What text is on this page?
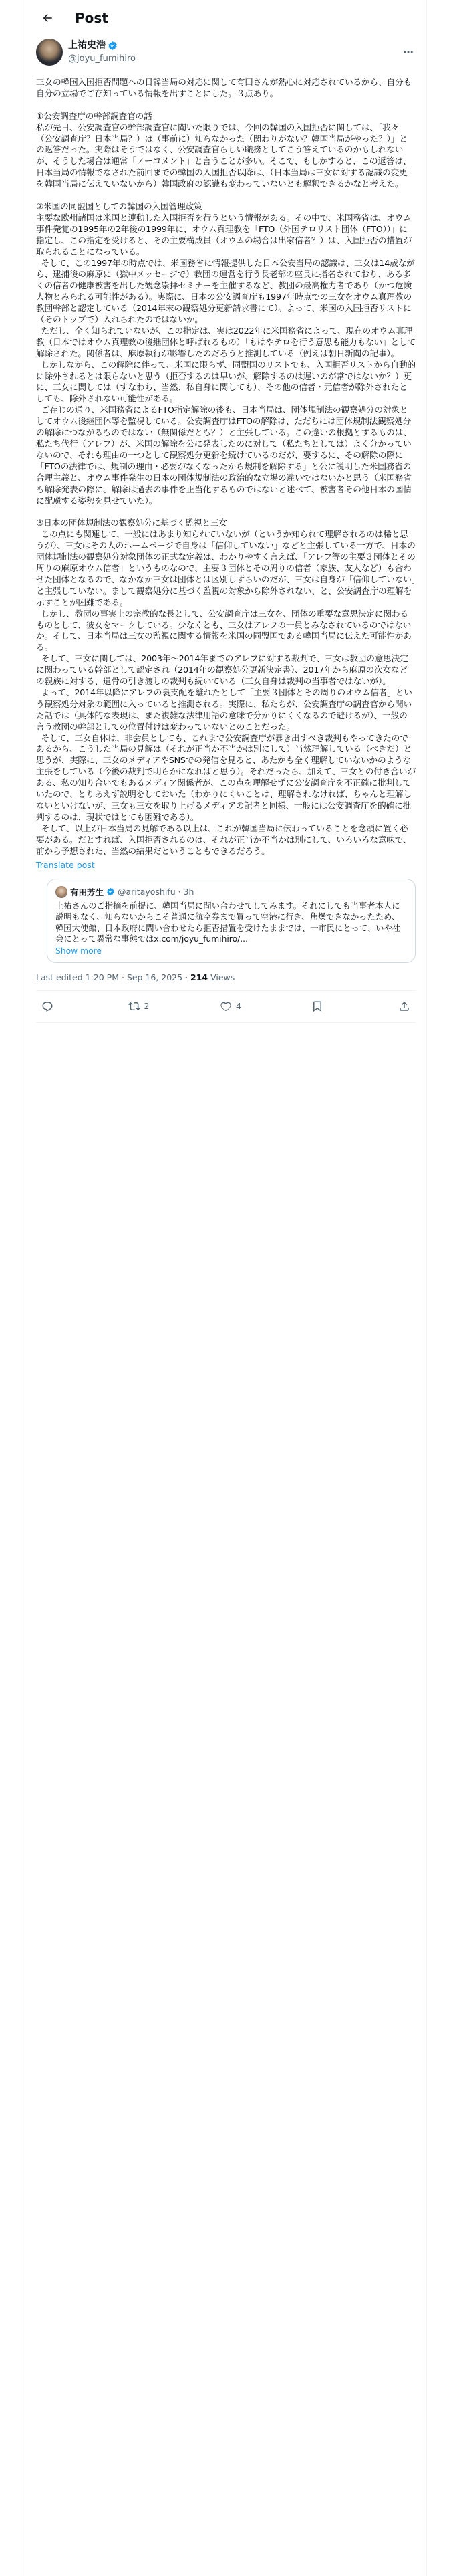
Post
上祐史浩
@joyu_fumihiro
三女の韓国入国拒否問題への日韓当局の対応に関して有田さんが熱心に対応されているから、自分も自分の立場でご存知っている情報を出すことにした。３点あり。

①公安調査庁の幹部調査官の話
私が先日、公安調査官の幹部調査官に聞いた限りでは、今回の韓国の入国拒否に関しては、「我々（公安調査庁？日本当局？）は（事前に）知らなかった（関わりがない？韓国当局がやった？）」との返答だった。実際はそうではなく、公安調査官らしい職務としてこう答えているのかもしれないが、そうした場合は通常「ノーコメント」と言うことが多い。そこで、もしかすると、この返答は、日本当局の情報でなされた前回までの韓国の入国拒否以降は、（日本当局は三女に対する認識の変更を韓国当局に伝えていないから）韓国政府の認識も変わっていないとも解釈できるかなと考えた。

②米国の同盟国としての韓国の入国管理政策
主要な欧州諸国は米国と連動した入国拒否を行うという情報がある。その中で、米国務省は、オウム事件発覚の1995年の2年後の1999年に、オウム真理教を「FTO（外国テロリスト団体（FTO））」に指定し、この指定を受けると、その主要構成員（オウムの場合は出家信者？）は、入国拒否の措置が取られることになっている。
そして、この1997年の時点では、米国務省に情報提供した日本公安当局の認識は、三女は14歳ながら、逮捕後の麻原に（獄中メッセージで）教団の運営を行う長老部の座長に指名されており、ある多くの信者の健康被害を出した観念崇拝セミナーを主催するなど、教団の最高権力者であり（かつ危険人物とみられる可能性がある）。実際に、日本の公安調査庁も1997年時点での三女をオウム真理教の教団幹部と認定している（2014年末の観察処分更新請求書にて）。よって、米国の入国拒否リストに（そのトップで）入れられたのではないか。
ただし、全く知られていないが、この指定は、実は2022年に米国務省によって、現在のオウム真理教（日本ではオウム真理教の後継団体と呼ばれるもの）「もはやテロを行う意思も能力もない」として解除された。関係者は、麻原執行が影響したのだろうと推測している（例えば朝日新聞の記事）。
しかしながら、この解除に伴って、米国に限らず、同盟国のリストでも、入国拒否リストから自動的に除外されるとは限らないと思う（拒否するのは早いが、解除するのは遅いのが常ではないか？）更に、三女に関しては（すなわち、当然、私自身に関しても）、その他の信者・元信者が除外されたとしても、除外されない可能性がある。
ご存じの通り、米国務省によるFTO指定解除の後も、日本当局は、団体規制法の観察処分の対象としてオウム後継団体等を監視している。公安調査庁はFTOの解除は、ただちには団体規制法観察処分の解除につながるものではない（無関係だとも？）と主張している。この違いの根拠とするものは、私たち代行（アレフ）が、米国の解除を公に発表したのに対して（私たちとしては）よく分かっていないので、それも理由の一つとして観察処分更新を続けているのだが、要するに、その解除の際に「FTOの法律では、規制の理由・必要がなくなったから規制を解除する」と公に説明した米国務省の合理主義と、オウム事件発生の日本の団体規制法の政治的な立場の違いではないかと思う（米国務省も解除発表の際に、解除は過去の事件を正当化するものではないと述べて、被害者その他日本の国情に配慮する姿勢を見せていた）。

③日本の団体規制法の観察処分に基づく監視と三女
この点にも関連して、一般にはあまり知られていないが（というか知られて理解されるのは稀と思うが）、三女はその人のホームページで自身は「信仰していない」などと主張している一方で、日本の団体規制法の観察処分対象団体の正式な定義は、わかりやすく言えば、「アレフ等の主要３団体とその周りの麻原オウム信者」というものなので、主要３団体とその周りの信者（家族、友人など）も合わせた団体となるので、なかなか三女は団体とは区別しずらいのだが、三女は自身が「信仰していない」と主張していない。まして観察処分に基づく監視の対象から除外されない、と、公安調査庁の理解を示すことが困難である。
しかし、教団の事実上の宗教的な長として、公安調査庁は三女を、団体の重要な意思決定に関わるものとして、彼女をマークしている。少なくとも、三女はアレフの一員とみなされているのではないか。そして、日本当局は三女の監視に関する情報を米国の同盟国である韓国当局に伝えた可能性がある。
そして、三女に関しては、2003年〜2014年までのアレフに対する裁判で、三女は教団の意思決定に関わっている幹部として認定され（2014年の観察処分更新決定書）、2017年から麻原の次女などの親族に対する、遺骨の引き渡しの裁判も続いている（三女自身は裁判の当事者ではないが）。
よって、2014年以降にアレフの裏支配を離れたとして「主要３団体とその周りのオウム信者」という観察処分対象の範囲に入っていると推測される。実際に、私たちが、公安調査庁の調査官から聞いた話では（具体的な表現は、また複雑な法律用語の意味で分かりにくくなるので避けるが）、一般の言う教団の幹部としての位置付けは変わっていないとのことだった。
そして、三女自体は、非会員としても、これまで公安調査庁が暴き出すべき裁判もやってきたのであるから、こうした当局の見解は（それが正当か不当かは別にして）当然理解している（べきだ）と思うが、実際に、三女のメディアやSNSでの発信を見ると、あたかも全く理解していないかのような主張をしている（今後の裁判で明らかになればと思う）。それだったら、加えて、三女との付き合いがある、私の知り合いでもあるメディア関係者が、この点を理解せずに公安調査庁を不正確に批判していたので、とりあえず説明をしておいた（わかりにくいことは、理解されなければ、ちゃんと理解しないといけないが、三女も三女を取り上げるメディアの記者と同様、一般には公安調査庁を的確に批判するのは、現状ではとても困難である）。
そして、以上が日本当局の見解である以上は、これが韓国当局に伝わっていることを念頭に置く必要がある。だとすれば、入国拒否されるのは、それが正当か不当かは別にして、いろいろな意味で、前から予想された、当然の結果だということもできるだろう。
Translate post
有田芳生 @aritayoshifu · 3h
上祐さんのご指摘を前提に、韓国当局に問い合わせてしてみます。それにしても当事者本人に説明もなく、知らないからこそ普通に航空券まで買って空港に行き、焦燥できなかったため、韓国大使館、日本政府に問い合わせたら拒否措置を受けたままでは、一市民にとって、いや社会にとって異常な事態ではx.com/joyu_fumihiro/...
Show more
Last edited 1:20 PM · Sep 16, 2025 · 214 Views
2	4
